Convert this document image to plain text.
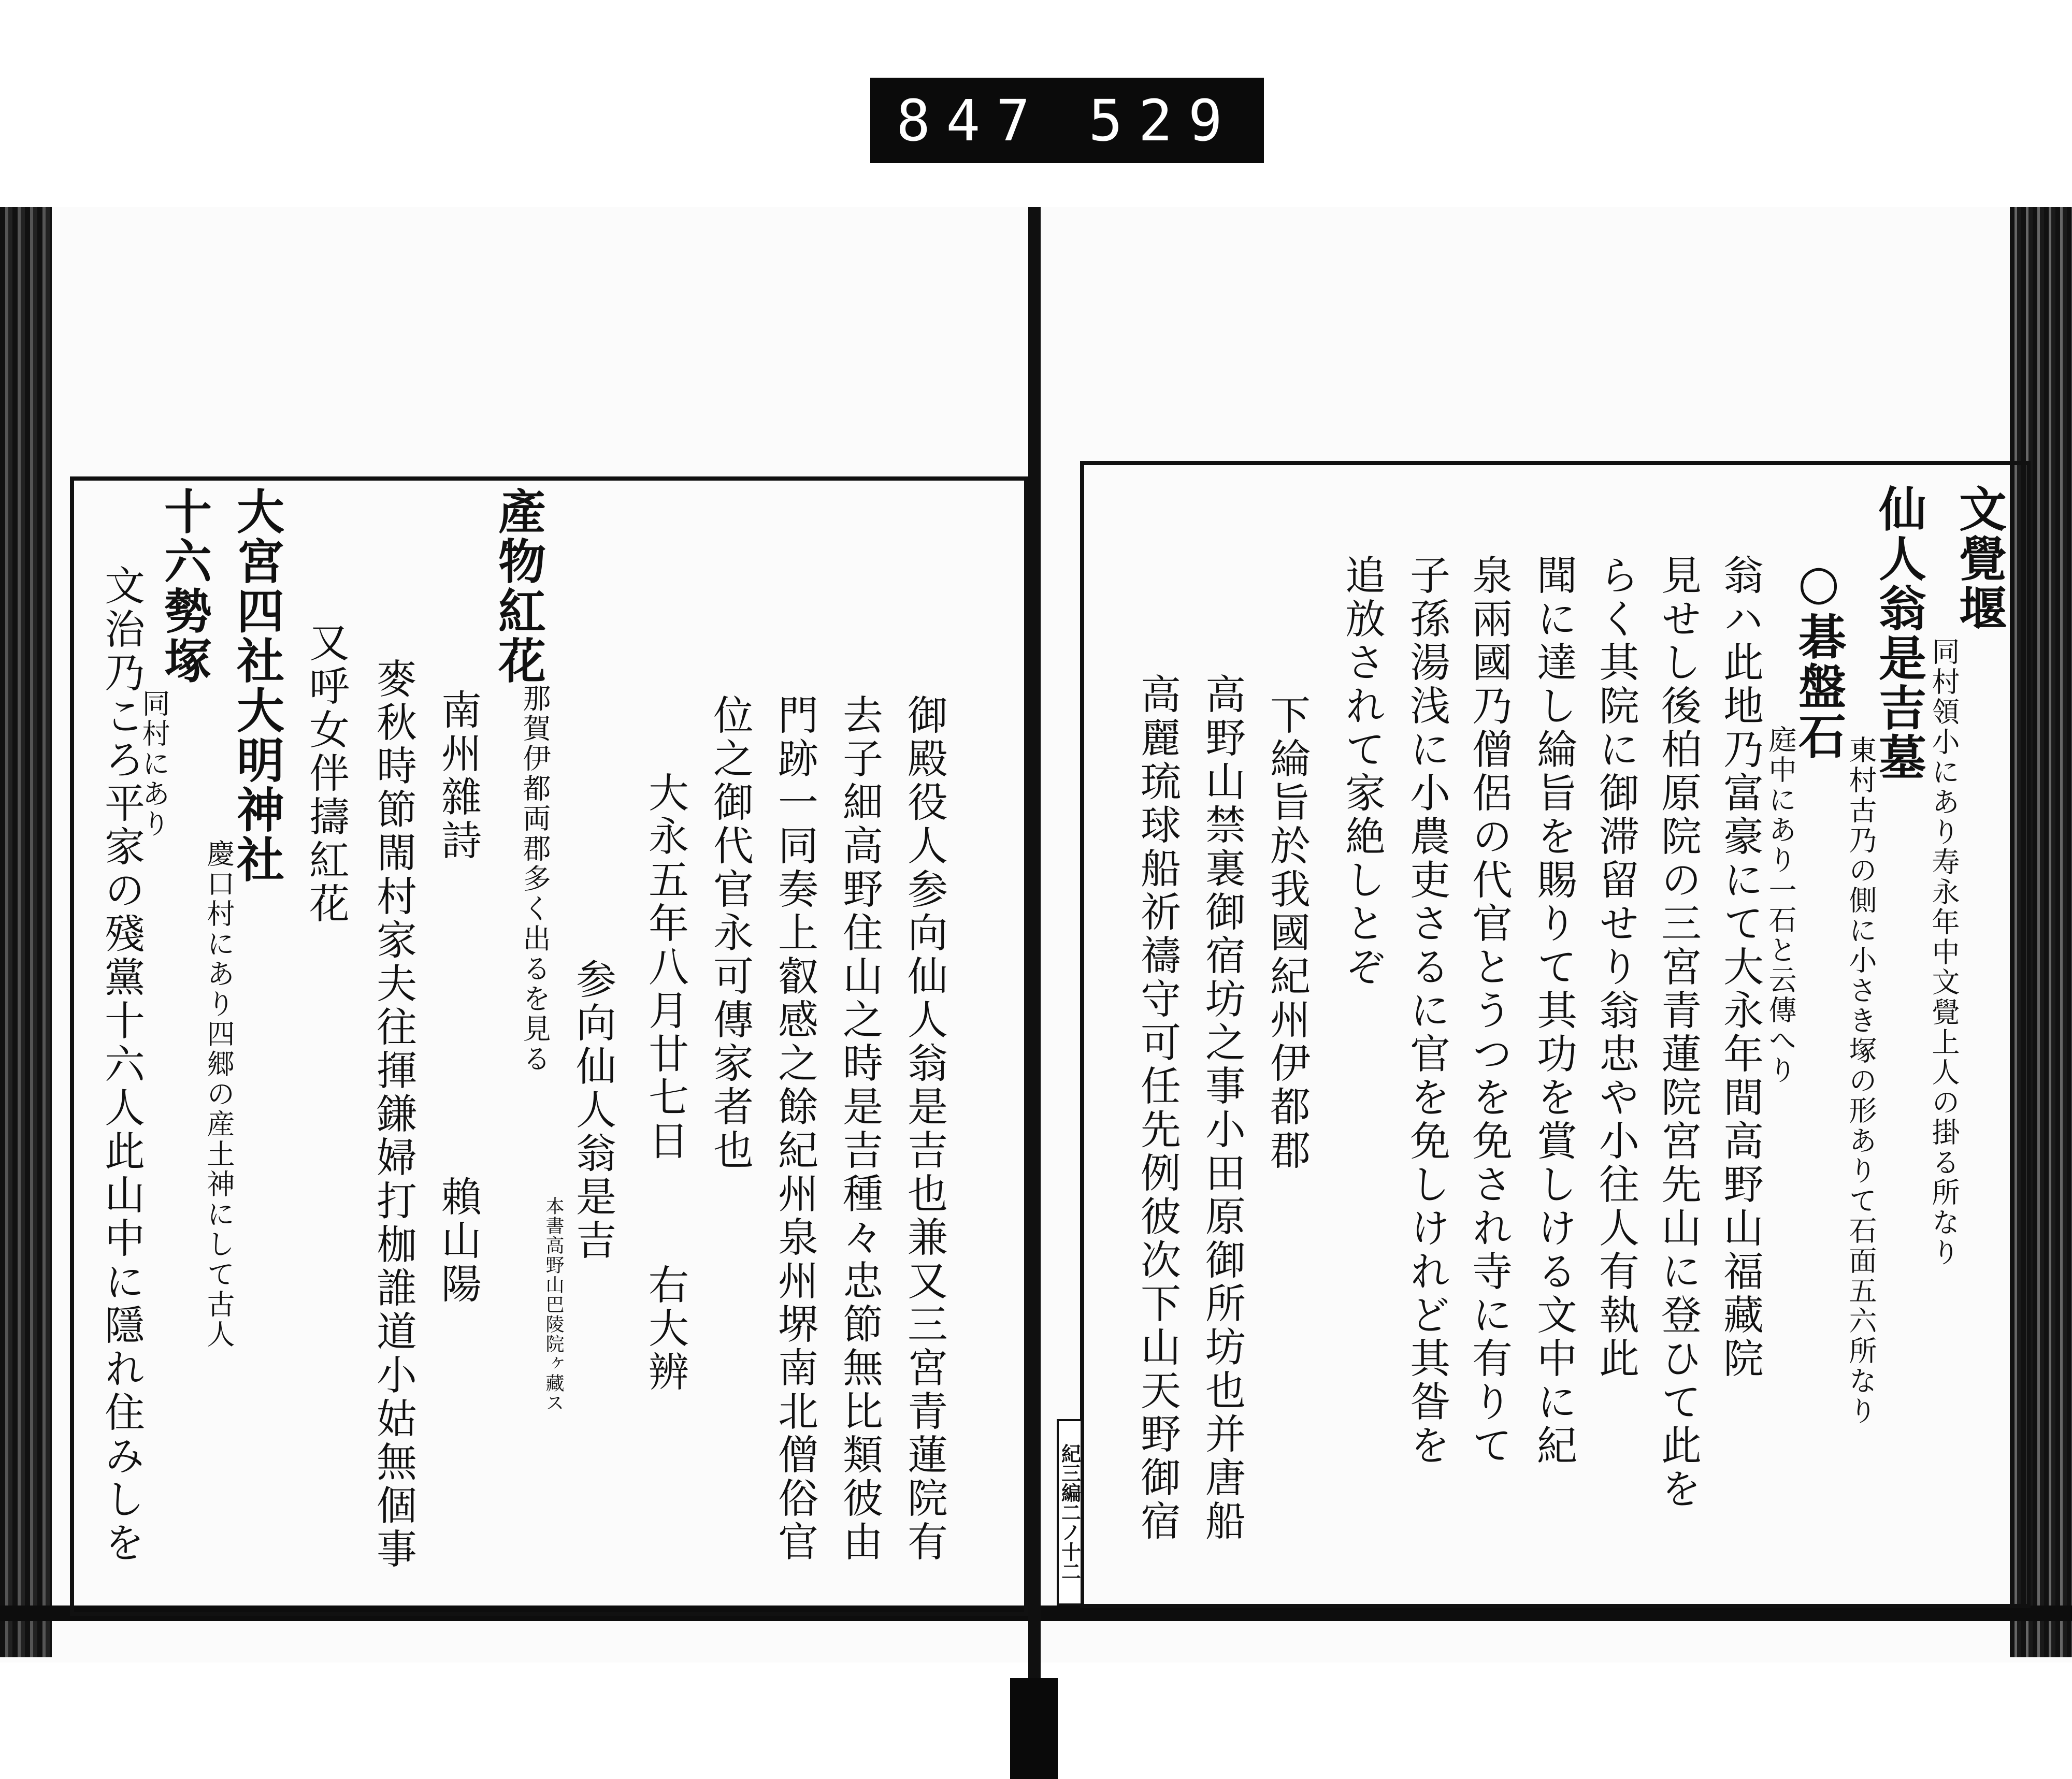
847 529
文覺堰
同村領小にあり寿永年中文覺上人の掛る所なり
仙人翁是吉墓
東村古乃の側に小さき塚の形ありて石面五六所なり
○碁盤石
庭中にあり一石と云傳へり
見せし後柏原院の三宮青蓮院宮先山に登ひて此を 翁ハ此地乃富豪にて大永年間高野山福藏院
らく其院に御滞留せり翁忠や小往人有執此
聞に達し綸旨を賜りて其功を賞しける文中に紀
泉兩國乃僧侶の代官とうつを免され寺に有りて
子孫湯浅に小農吏さるに官を免しけれど其昝を
追放されて家絶しとぞ
下綸旨於我國紀州伊都郡
高野山禁裏御宿坊之事小田原御所坊也并唐船
高麗琉球船祈禱守可任先例彼次下山天野御宿
紀三編二ノ十二
御殿役人参向仙人翁是吉也兼又三宮青蓮院有
去子細高野住山之時是吉種々忠節無比類彼由
門跡一同奏上叡感之餘紀州泉州堺南北僧俗官
位之御代官永可傳家者也
大永五年八月廿七日
右大辨
参向仙人翁是吉
本書高野山巴陵院ヶ藏ス
產物紅花
那賀伊都両郡多く出るを見る
南州雜詩
賴山陽
麥秋時節閙村家夫往揮鎌婦打枷誰道小姑無個事
又呼女伴擣紅花
大宮四社大明神社
慶口村にあり四郷の産土神にして古人
十六勢塚
同村にあり
文治乃ころ平家の殘黨十六人此山中に隱れ住みしを
